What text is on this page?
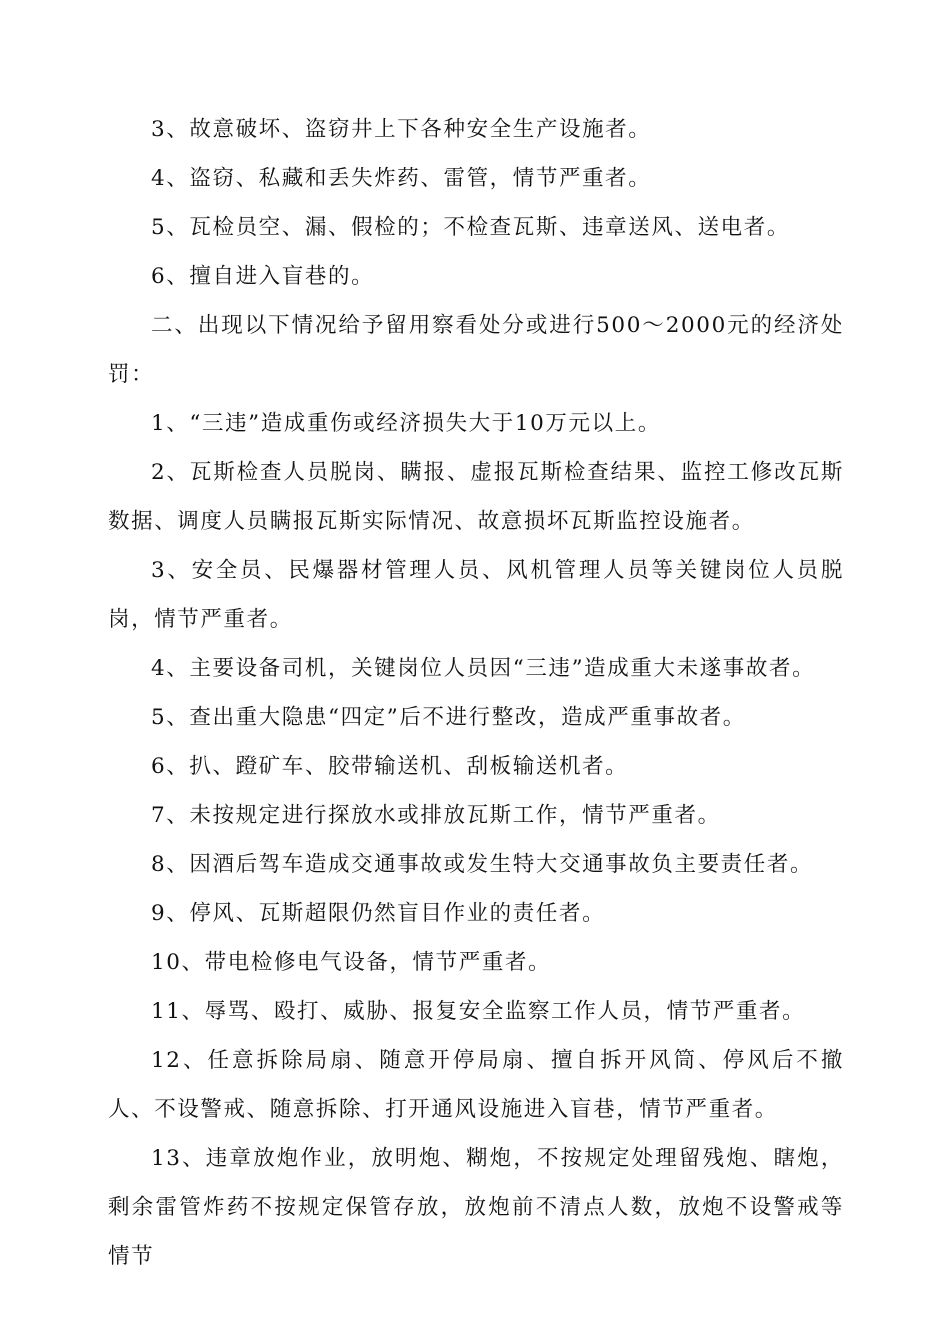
3、故意破坏、盗窃井上下各种安全生产设施者。

4、盗窃、私藏和丢失炸药、雷管，情节严重者。

5、瓦检员空、漏、假检的；不检查瓦斯、违章送风、送电者。

6、擅自进入盲巷的。

二、出现以下情况给予留用察看处分或进行500～2000元的经济处罚：

1、“三违”造成重伤或经济损失大于10万元以上。

2、瓦斯检查人员脱岗、瞒报、虚报瓦斯检查结果、监控工修改瓦斯数据、调度人员瞒报瓦斯实际情况、故意损坏瓦斯监控设施者。

3、安全员、民爆器材管理人员、风机管理人员等关键岗位人员脱岗，情节严重者。

4、主要设备司机，关键岗位人员因“三违”造成重大未遂事故者。

5、查出重大隐患“四定”后不进行整改，造成严重事故者。

6、扒、蹬矿车、胶带输送机、刮板输送机者。

7、未按规定进行探放水或排放瓦斯工作，情节严重者。

8、因酒后驾车造成交通事故或发生特大交通事故负主要责任者。

9、停风、瓦斯超限仍然盲目作业的责任者。

10、带电检修电气设备，情节严重者。

11、辱骂、殴打、威胁、报复安全监察工作人员，情节严重者。

12、任意拆除局扇、随意开停局扇、擅自拆开风筒、停风后不撤人、不设警戒、随意拆除、打开通风设施进入盲巷，情节严重者。

13、违章放炮作业，放明炮、糊炮，不按规定处理留残炮、瞎炮，剩余雷管炸药不按规定保管存放，放炮前不清点人数，放炮不设警戒等情节
